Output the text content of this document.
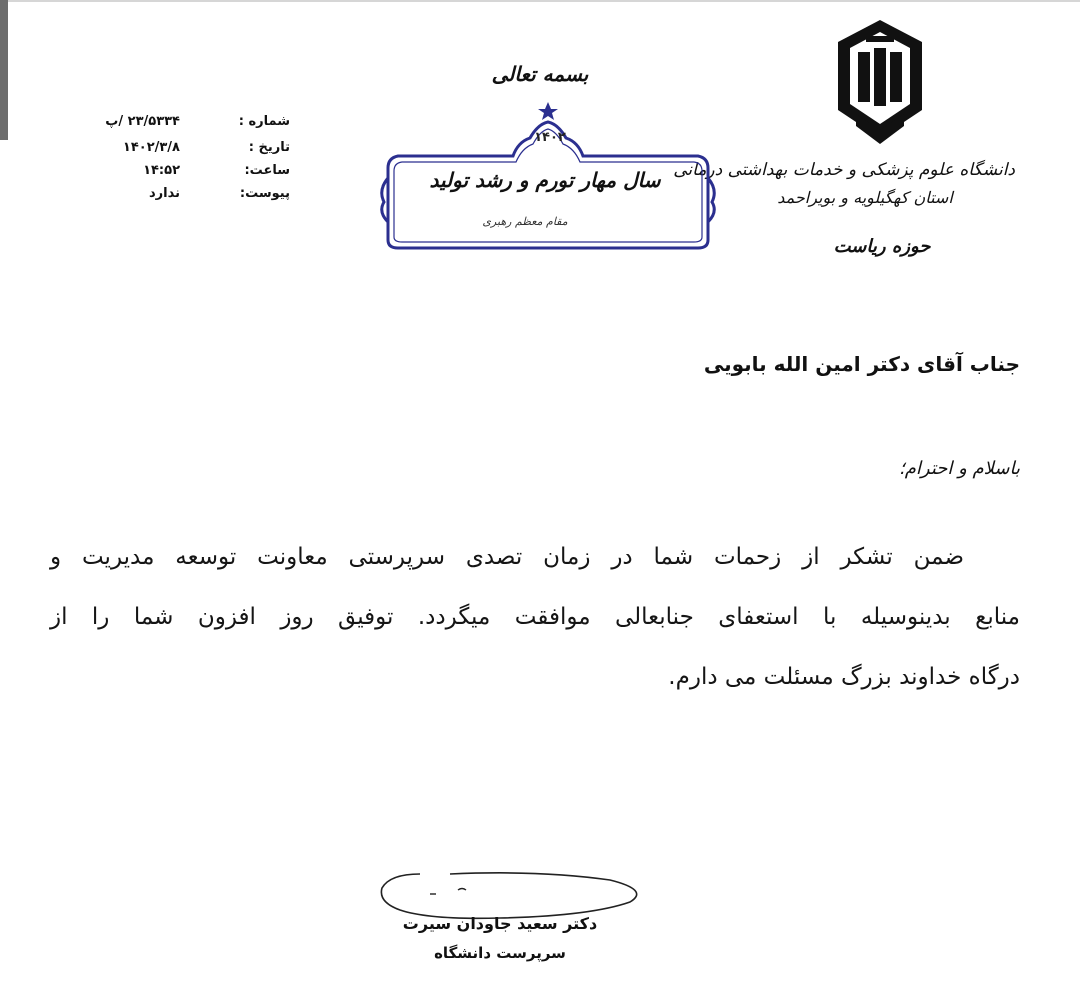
دانشگاه علوم پزشکی و خدمات بهداشتی درمانی
استان کهگیلویه و بویراحمد
حوزه ریاست
بسمه تعالی
۱۴۰۲
سال مهار تورم و رشد تولید
مقام معظم رهبری
شماره :
۲۳/۵۳۳۴ /پ
تاریخ :
۱۴۰۲/۳/۸
ساعت:
۱۴:۵۲
پیوست:
ندارد
جناب آقای دکتر امین الله بابویی
باسلام و احترام؛
ضمن تشکر از زحمات شما در زمان تصدی سرپرستی معاونت توسعه مدیریت و
منابع بدینوسیله با استعفای جنابعالی موافقت میگردد. توفیق روز افزون شما را از
درگاه خداوند بزرگ مسئلت می دارم.
دکتر سعید جاودان سیرت
سرپرست دانشگاه
